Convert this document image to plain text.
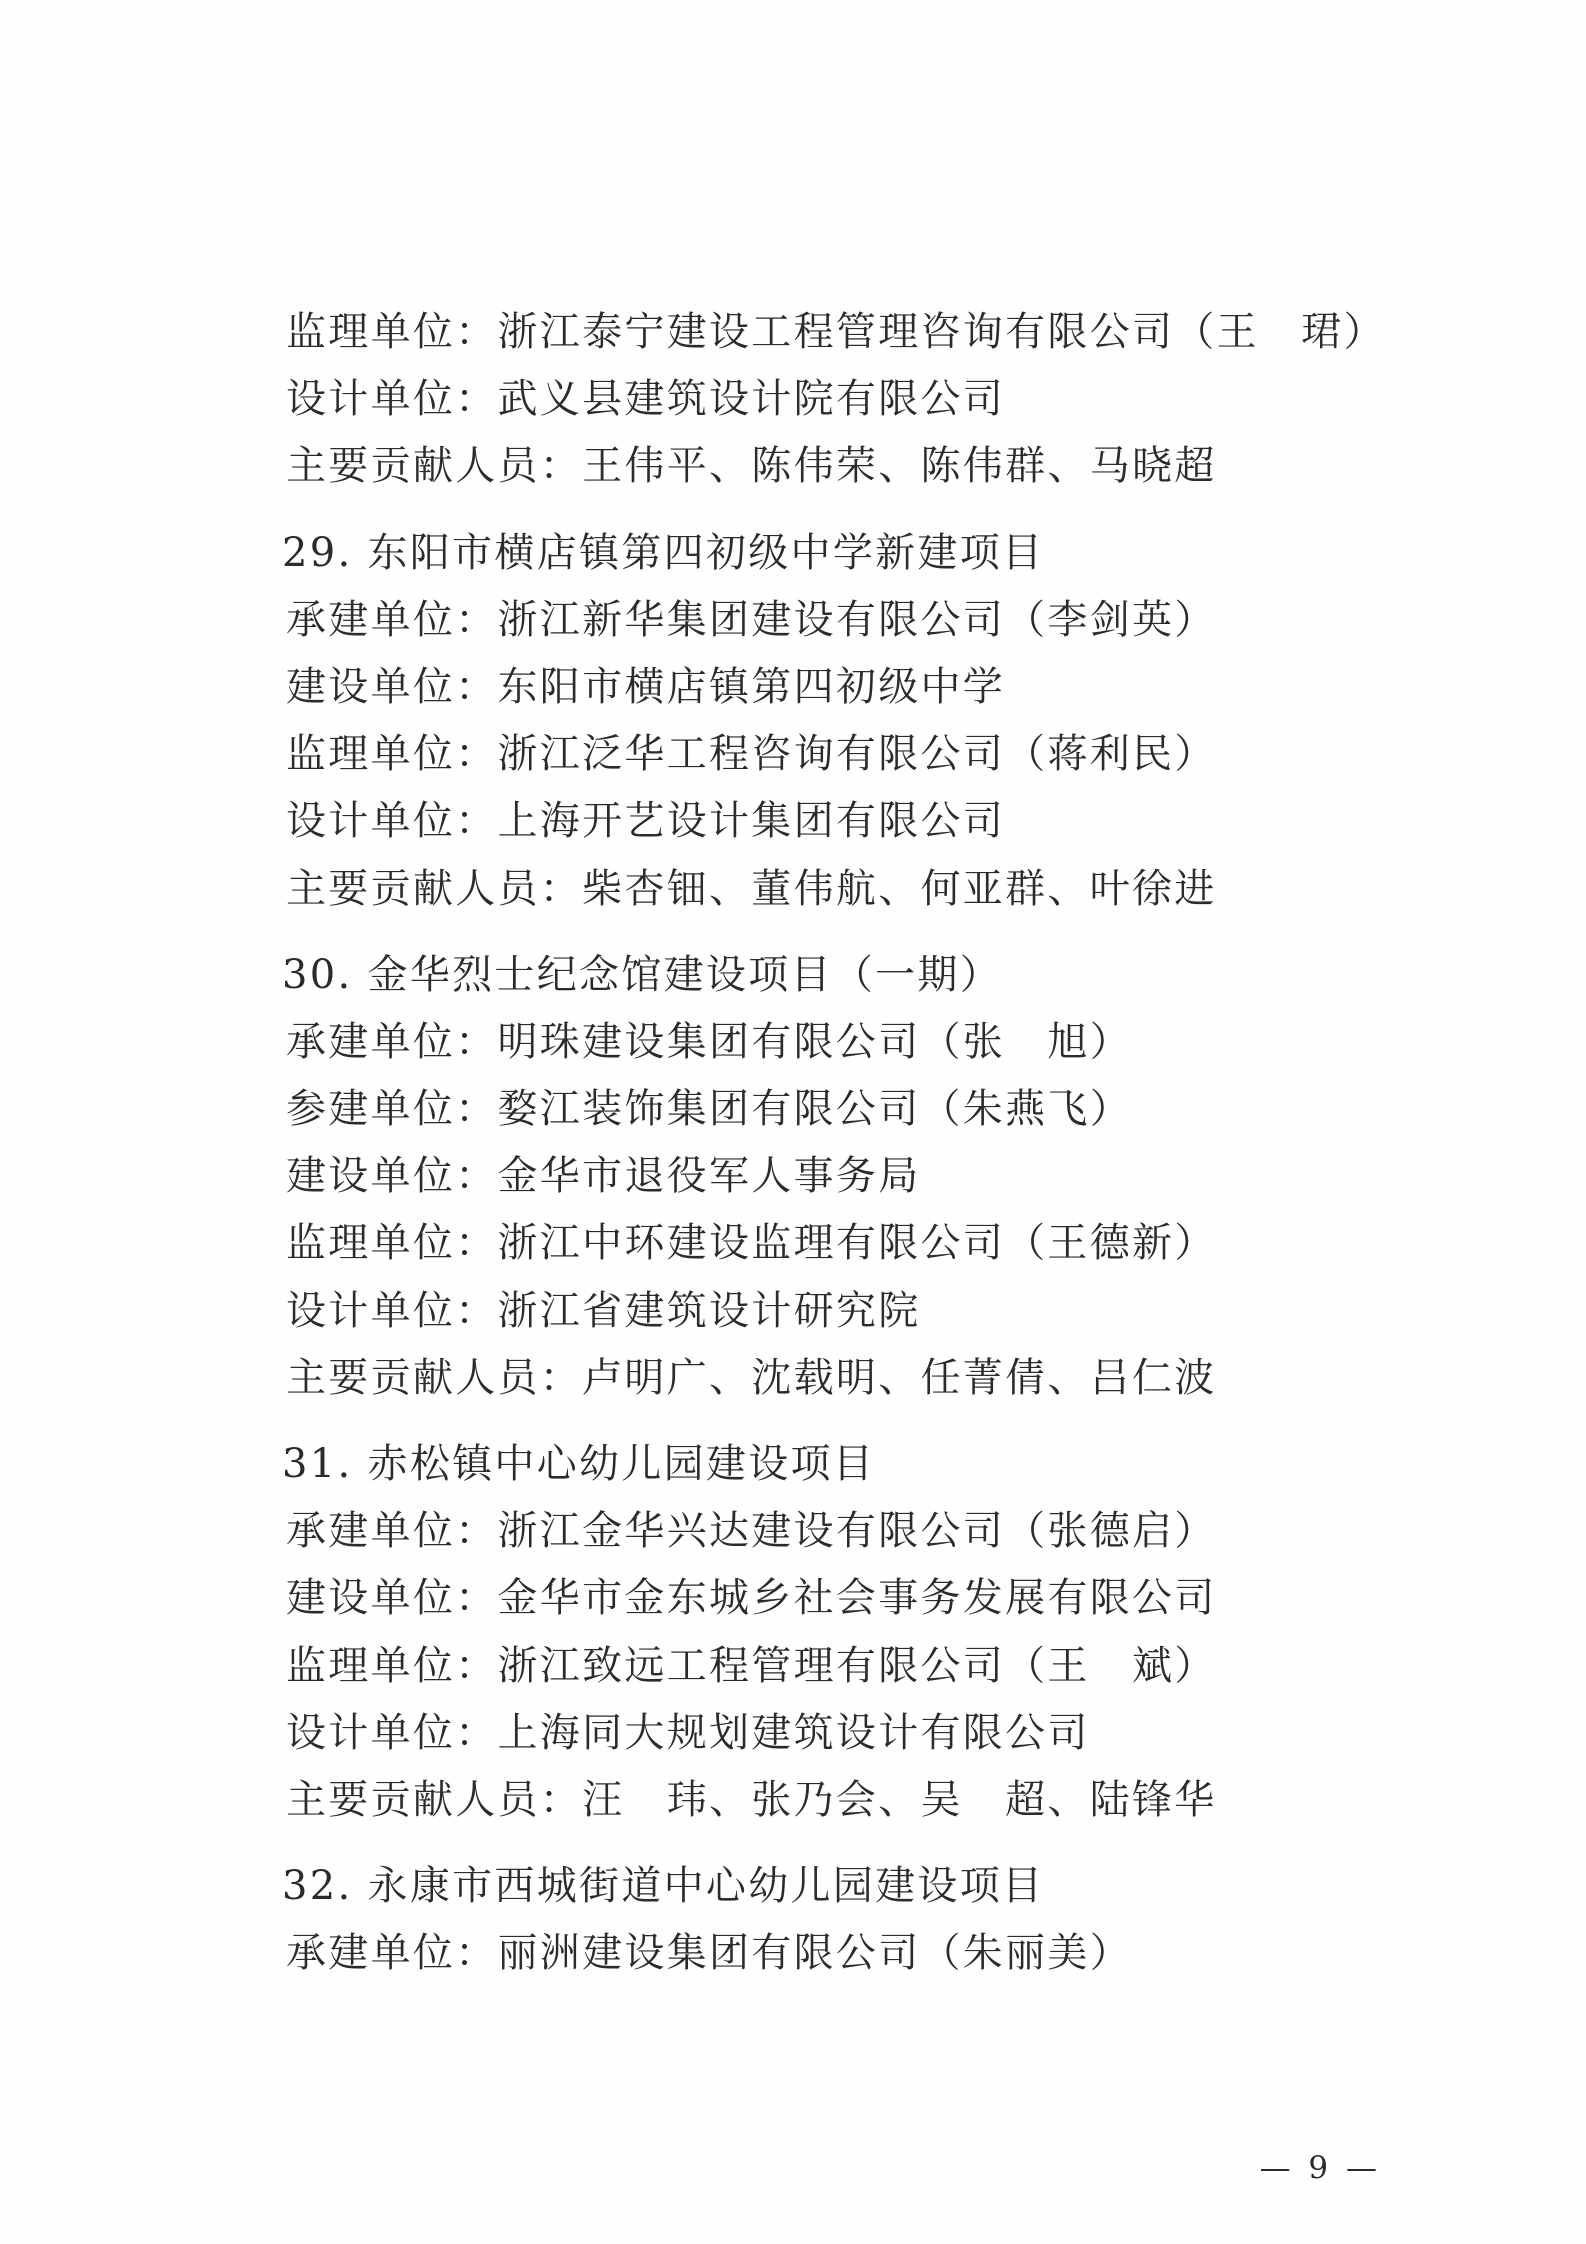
监理单位：浙江泰宁建设工程管理咨询有限公司（王　珺）
设计单位：武义县建筑设计院有限公司
主要贡献人员：王伟平、陈伟荣、陈伟群、马晓超
29. 东阳市横店镇第四初级中学新建项目
承建单位：浙江新华集团建设有限公司（李剑英）
建设单位：东阳市横店镇第四初级中学
监理单位：浙江泛华工程咨询有限公司（蒋利民）
设计单位：上海开艺设计集团有限公司
主要贡献人员：柴杏钿、董伟航、何亚群、叶徐进
30. 金华烈士纪念馆建设项目（一期）
承建单位：明珠建设集团有限公司（张　旭）
参建单位：婺江装饰集团有限公司（朱燕飞）
建设单位：金华市退役军人事务局
监理单位：浙江中环建设监理有限公司（王德新）
设计单位：浙江省建筑设计研究院
主要贡献人员：卢明广、沈载明、任菁倩、吕仁波
31. 赤松镇中心幼儿园建设项目
承建单位：浙江金华兴达建设有限公司（张德启）
建设单位：金华市金东城乡社会事务发展有限公司
监理单位：浙江致远工程管理有限公司（王　斌）
设计单位：上海同大规划建筑设计有限公司
主要贡献人员：汪　玮、张乃会、吴　超、陆锋华
32. 永康市西城街道中心幼儿园建设项目
承建单位：丽洲建设集团有限公司（朱丽美）
— 9 —
